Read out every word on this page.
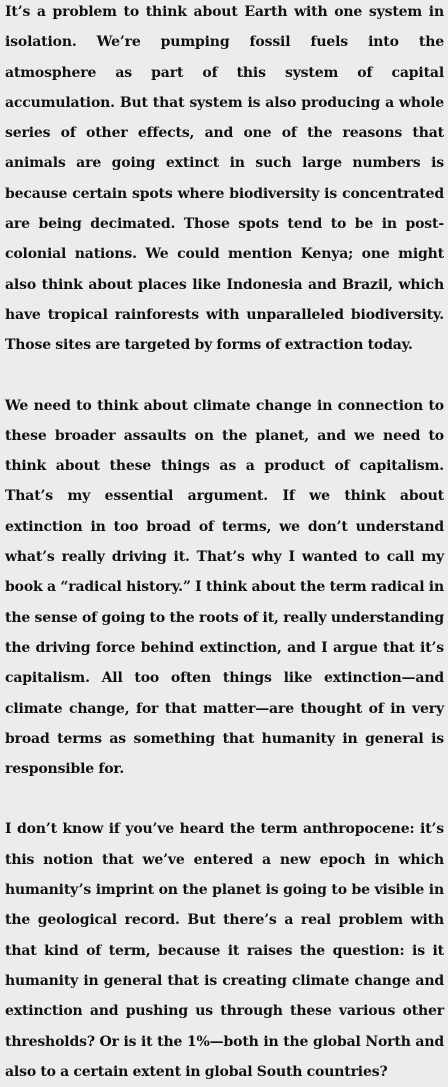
It’s a problem to think about Earth with one system in isolation. We’re pumping fossil fuels into the atmosphere as part of this system of capital accumulation. But that system is also producing a whole series of other effects, and one of the reasons that animals are going extinct in such large numbers is because certain spots where biodiversity is concentrated are being decimated. Those spots tend to be in post-colonial nations. We could mention Kenya; one might also think about places like Indonesia and Brazil, which have tropical rainforests with unparalleled biodiversity. Those sites are targeted by forms of extraction today.

We need to think about climate change in connection to these broader assaults on the planet, and we need to think about these things as a product of capitalism. That’s my essential argument. If we think about extinction in too broad of terms, we don’t understand what’s really driving it. That’s why I wanted to call my book a “radical history.” I think about the term radical in the sense of going to the roots of it, really understanding the driving force behind extinction, and I argue that it’s capitalism. All too often things like extinction—and climate change, for that matter—are thought of in very broad terms as something that humanity in general is responsible for.

I don’t know if you’ve heard the term anthropocene: it’s this notion that we’ve entered a new epoch in which humanity’s imprint on the planet is going to be visible in the geological record. But there’s a real problem with that kind of term, because it raises the question: is it humanity in general that is creating climate change and extinction and pushing us through these various other thresholds? Or is it the 1%—both in the global North and also to a certain extent in global South countries?
